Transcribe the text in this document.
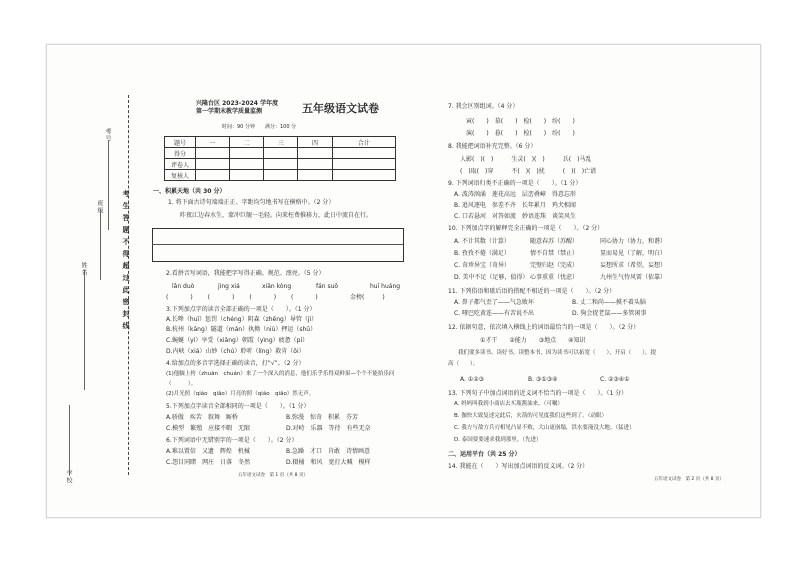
考生答题不得超过此密封线
考号
班级
姓名
学校
兴隆台区 2023-2024 学年度
第一学期末教学质量监测	五年级语文试卷
时间：90 分钟　　满分：100 分
题号	一	二	三	四	合计
得分					
评卷人					
复核人					
一、积累天地（共 30 分）
1. 将下面古诗句端端正正、字距均匀地书写在横格中。（2 分）
昨夜江边春水生，蒙冲巨舰一毛轻。向来枉费推移力，此日中流自在行。
2.看拼音写词语，我能把字写得正确、规范、漂亮。（5 分）
lǎn duò	jìng xiá	xiǎn kòng	fán suǒ	huī huáng
(　　　)　　(　　　)　　(　　　)　　(　　　)　	金榜(　　　)
3.下列加点字的读音全部正确的一项是（　　）。（1 分）
A.长嗥（huī）惩罚（chéng）阴森（zhēng）导管（jì）
B.杭州（kāng）隧道（mán）执拗（niù）押运（shū）
C.蜿蜒（yì）享受（xiǎng）朝霞（yìng）疲惫（pí）
D.内峡（xiá）山妙（chú）聆听（líng）救肯（ōi）
4.给加点的多音字选择正确的读音，打“√”。（2 分）
(1)他腼上挎（zhuān　chuán）来了一个深入的消息，他们乐乎乐得双鲜果—个个不能拾乐问
（　　　）。
(2)月光照（qiáo　qiǎo）月亮的照（qiáo　qiǎo）然无声。
5.下列加点字读音全部相同的一项是（　　）。（1 分）
A.骄傲　疾苦　叙舞　厮桥	B.弥漫　惊奇　积累　芬芳
C.模型　繁殖　应接不暇　无限	D.对峙　乐器　等待　有些无奈
6.下列词语中无错别字的一项是（　　）。（2 分）
A.难以置信　又遗　辉煌　机械	B.急躁　才口　肯敢　诗情画意
C.怨目同睹　网庄　日落　冬然	D.辍桶　和风　宽打大喊　模样
五年语文试卷　第 1 页（共 8 页）
7. 我会区别组词。（4 分）
寅(　　 )　 慕(　　 )　 检(　　 )　 纷(　　 )
演(　　 )　 暮(　　 )　 检(　　 )　 纷(　　 )
8. 我能把词语补充完整。（6 分）
人影(　)(　)　　　生灵(　)(　)　　　兵(　)马乱
(　)取(　)穿　　　不(　)(　)扰　　　(　)(　)亡谱
9. 下列词语归类不正确的一项是（　　）。（1 分）
A. 波涛汹涌　莲花高远　层峦叠嶂　得意忘形
B. 追风逐电　参差不齐　长年累月　鸡犬相闻
C. 口若悬河　对答如流　妙语连珠　谈笑风生
10. 下列加点字的解释完全正确的一项是（　　）。（2 分）
A. 不计其数（计算）	随意春苏（苏醒）	同心协力（协力，和谐）
B. 孜孜不倦（满足）	情不自禁（禁止）	显而易见（了解，明白）
C. 奇珍异宝（奇异）	完璧归赵（完成）	妄想所求（希望，妄想）
D. 美中不足（足够，值得） 心事重重（忧虑）	九州生气恃风雷（依靠）
11. 下列俗语和歇后语的搭配不相近的一项是（　　）。（2 分）
A. 鼻子都气歪了——气急败坏	B. 丈二和尚——摸不着头脑
C. 哑巴吃黄连——有苦说不出	D. 狗会捉老鼠——多管闲事
12. 依据句意，依次填入横线上的词语最恰当的一项是（　　）。（2 分）
①才干　　②能力　　③地点　　④知识
我们要多读书、读好书，读整本书，因为读书可以拓宽（　　），开启（　　），提
高（　　）。
A. ①②③	B. ③①③④	C. ②③④①
13. 下列句子中加点词语的近义词不恰当的一项是（　　）。（1 分）
A. 妈妈叫我到小商店去买瓶酱油来。（可嘱）
B. 伽快大致复述完此后，火箭的可见度我们这些到了。（动眼）
C. 我方与敌方兵刃相见凸显不败，大山更崩塌，洪水要淹没大地。（猛进）
D. 泰国要要速求我到那里。（先进）
二、运用平台（共 25 分）
14. 我能在（　　）写出加点词语的反义词。（2 分）
五年语文试卷　第 2 页（共 8 页）
